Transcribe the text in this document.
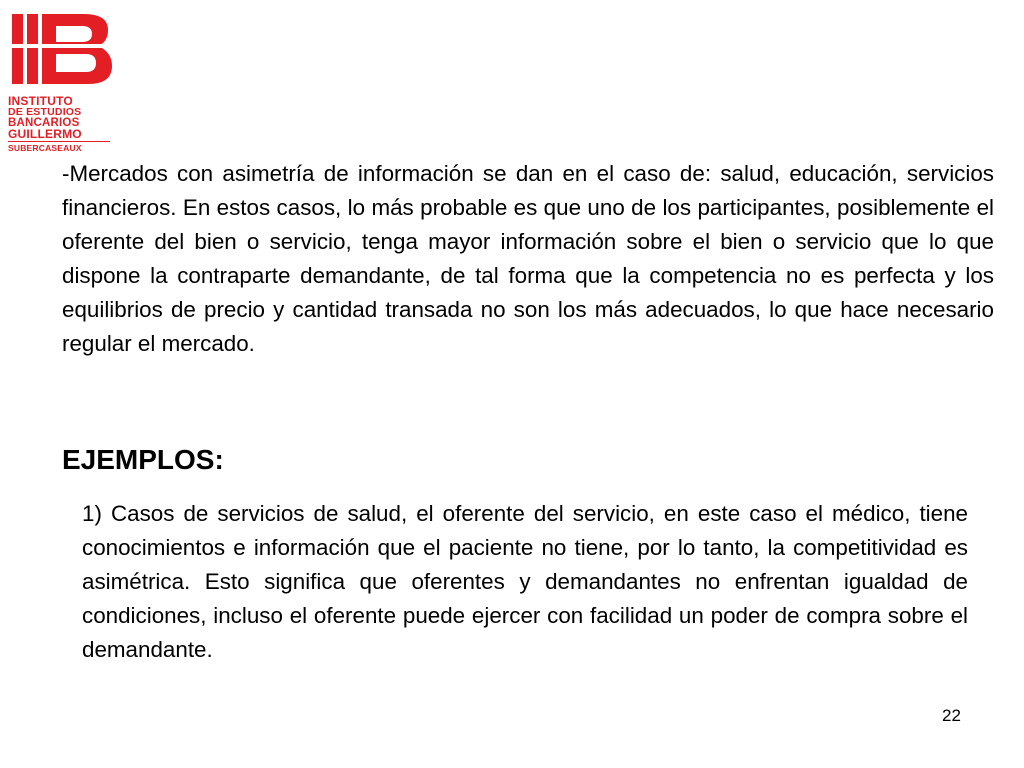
INSTITUTO
DE ESTUDIOS
BANCARIOS
GUILLERMO
SUBERCASEAUX

-Mercados con asimetría de información se dan en el caso de: salud, educación, servicios financieros. En estos casos, lo más probable es que uno de los participantes, posiblemente el oferente del bien o servicio, tenga mayor información sobre el bien o servicio que lo que dispone la contraparte demandante, de tal forma que la competencia no es perfecta y los equilibrios de precio y cantidad transada no son los más adecuados, lo que hace necesario regular el mercado.

EJEMPLOS:

1) Casos de servicios de salud, el oferente del servicio, en este caso el médico, tiene conocimientos e información que el paciente no tiene, por lo tanto, la competitividad es asimétrica. Esto significa que oferentes y demandantes no enfrentan igualdad de condiciones, incluso el oferente puede ejercer con facilidad un poder de compra sobre el demandante.

22
